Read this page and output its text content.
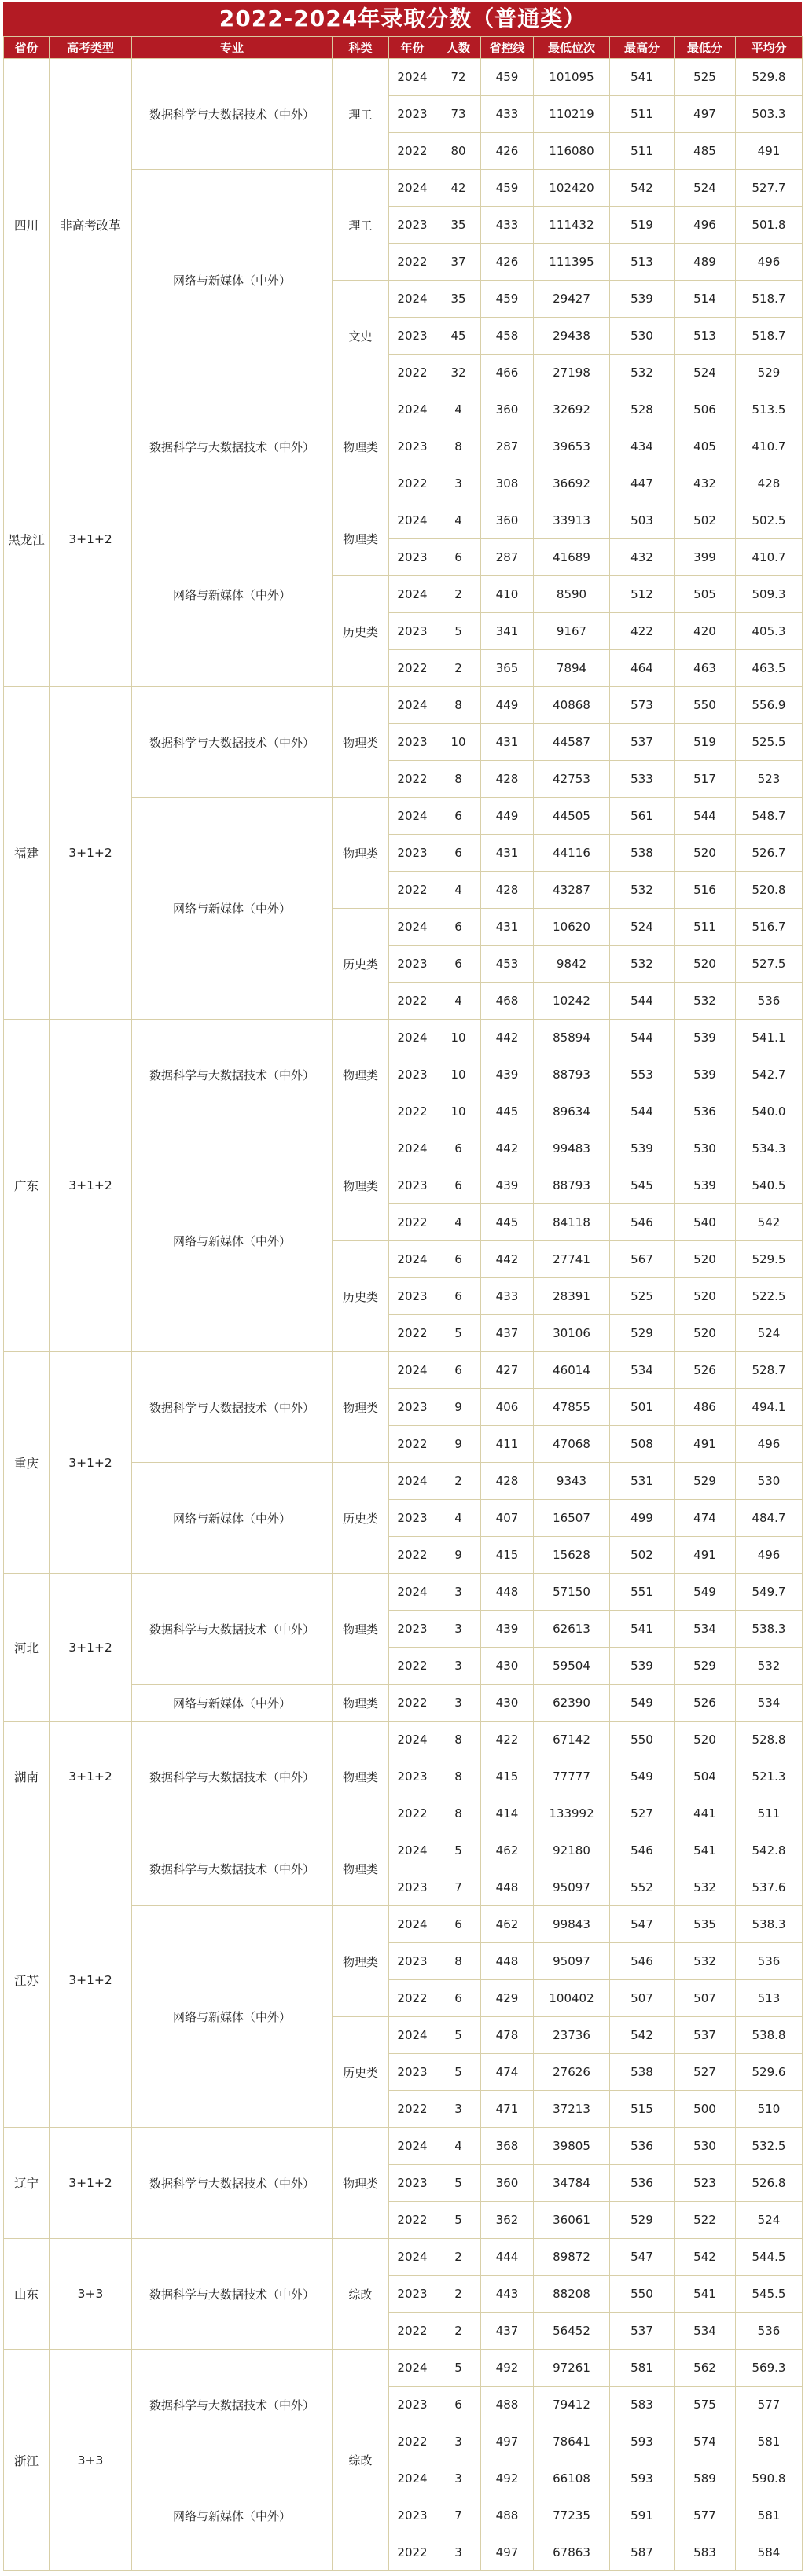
2022-2024年录取分数（普通类）
省份	高考类型	专业	科类	年份	人数	省控线	最低位次	最高分	最低分	平均分
四川	非高考改革	数据科学与大数据技术（中外）	理工	2024	72	459	101095	541	525	529.8
				2023	73	433	110219	511	497	503.3
				2022	80	426	116080	511	485	491
		网络与新媒体（中外）	理工	2024	42	459	102420	542	524	527.7
				2023	35	433	111432	519	496	501.8
				2022	37	426	111395	513	489	496
			文史	2024	35	459	29427	539	514	518.7
				2023	45	458	29438	530	513	518.7
				2022	32	466	27198	532	524	529
黑龙江	3+1+2	数据科学与大数据技术（中外）	物理类	2024	4	360	32692	528	506	513.5
				2023	8	287	39653	434	405	410.7
				2022	3	308	36692	447	432	428
		网络与新媒体（中外）	物理类	2024	4	360	33913	503	502	502.5
				2023	6	287	41689	432	399	410.7
			历史类	2024	2	410	8590	512	505	509.3
				2023	5	341	9167	422	420	405.3
				2022	2	365	7894	464	463	463.5
福建	3+1+2	数据科学与大数据技术（中外）	物理类	2024	8	449	40868	573	550	556.9
				2023	10	431	44587	537	519	525.5
				2022	8	428	42753	533	517	523
		网络与新媒体（中外）	物理类	2024	6	449	44505	561	544	548.7
				2023	6	431	44116	538	520	526.7
				2022	4	428	43287	532	516	520.8
			历史类	2024	6	431	10620	524	511	516.7
				2023	6	453	9842	532	520	527.5
				2022	4	468	10242	544	532	536
广东	3+1+2	数据科学与大数据技术（中外）	物理类	2024	10	442	85894	544	539	541.1
				2023	10	439	88793	553	539	542.7
				2022	10	445	89634	544	536	540.0
		网络与新媒体（中外）	物理类	2024	6	442	99483	539	530	534.3
				2023	6	439	88793	545	539	540.5
				2022	4	445	84118	546	540	542
			历史类	2024	6	442	27741	567	520	529.5
				2023	6	433	28391	525	520	522.5
				2022	5	437	30106	529	520	524
重庆	3+1+2	数据科学与大数据技术（中外）	物理类	2024	6	427	46014	534	526	528.7
				2023	9	406	47855	501	486	494.1
				2022	9	411	47068	508	491	496
		网络与新媒体（中外）	历史类	2024	2	428	9343	531	529	530
				2023	4	407	16507	499	474	484.7
				2022	9	415	15628	502	491	496
河北	3+1+2	数据科学与大数据技术（中外）	物理类	2024	3	448	57150	551	549	549.7
				2023	3	439	62613	541	534	538.3
				2022	3	430	59504	539	529	532
		网络与新媒体（中外）	物理类	2022	3	430	62390	549	526	534
湖南	3+1+2	数据科学与大数据技术（中外）	物理类	2024	8	422	67142	550	520	528.8
				2023	8	415	77777	549	504	521.3
				2022	8	414	133992	527	441	511
江苏	3+1+2	数据科学与大数据技术（中外）	物理类	2024	5	462	92180	546	541	542.8
				2023	7	448	95097	552	532	537.6
		网络与新媒体（中外）	物理类	2024	6	462	99843	547	535	538.3
				2023	8	448	95097	546	532	536
				2022	6	429	100402	507	507	513
			历史类	2024	5	478	23736	542	537	538.8
				2023	5	474	27626	538	527	529.6
				2022	3	471	37213	515	500	510
辽宁	3+1+2	数据科学与大数据技术（中外）	物理类	2024	4	368	39805	536	530	532.5
				2023	5	360	34784	536	523	526.8
				2022	5	362	36061	529	522	524
山东	3+3	数据科学与大数据技术（中外）	综改	2024	2	444	89872	547	542	544.5
				2023	2	443	88208	550	541	545.5
				2022	2	437	56452	537	534	536
浙江	3+3	数据科学与大数据技术（中外）	综改	2024	5	492	97261	581	562	569.3
				2023	6	488	79412	583	575	577
				2022	3	497	78641	593	574	581
		网络与新媒体（中外）		2024	3	492	66108	593	589	590.8
				2023	7	488	77235	591	577	581
				2022	3	497	67863	587	583	584
